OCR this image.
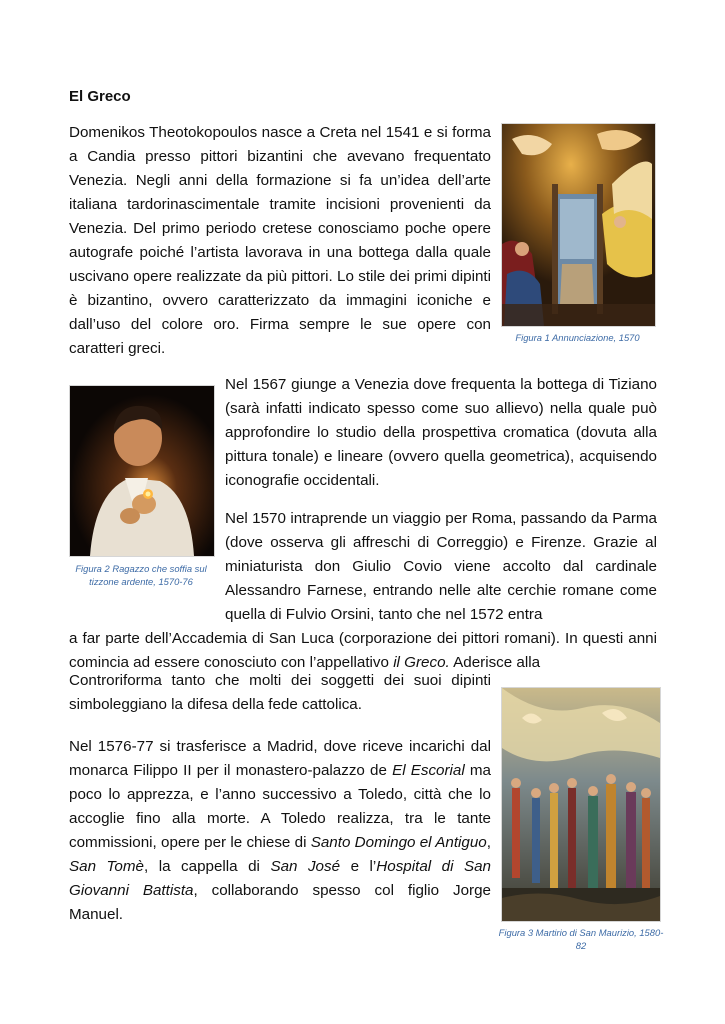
El Greco

Domenikos Theotokopoulos nasce a Creta nel 1541 e si forma a Candia presso pittori bizantini che avevano frequentato Venezia. Negli anni della formazione si fa un’idea dell’arte italiana tardorinascimentale tramite incisioni provenienti da Venezia. Del primo periodo cretese conosciamo poche opere autografe poiché l’artista lavorava in una bottega dalla quale uscivano opere realizzate da più pittori. Lo stile dei primi dipinti è bizantino, ovvero caratterizzato da immagini iconiche e dall’uso del colore oro. Firma sempre le sue opere con caratteri greci.

Figura 1 Annunciazione, 1570
Figura 2 Ragazzo che soffia sul tizzone ardente, 1570-76

Nel 1567 giunge a Venezia dove frequenta la bottega di Tiziano (sarà infatti indicato spesso come suo allievo) nella quale può approfondire lo studio della prospettiva cromatica (dovuta alla pittura tonale) e lineare (ovvero quella geometrica), acquisendo iconografie occidentali.

Nel 1570 intraprende un viaggio per Roma, passando da Parma (dove osserva gli affreschi di Correggio) e Firenze. Grazie al miniaturista don Giulio Covio viene accolto dal cardinale Alessandro Farnese, entrando nelle alte cerchie romane come quella di Fulvio Orsini, tanto che nel 1572 entra

a far parte dell’Accademia di San Luca (corporazione dei pittori romani). In questi anni comincia ad essere conosciuto con l’appellativo il Greco. Aderisce alla

Controriforma tanto che molti dei soggetti dei suoi dipinti simboleggiano la difesa della fede cattolica.

Figura 3 Martirio di San Maurizio, 1580-82

Nel 1576-77 si trasferisce a Madrid, dove riceve incarichi dal monarca Filippo II per il monastero-palazzo de El Escorial ma poco lo apprezza, e l’anno successivo a Toledo, città che lo accoglie fino alla morte. A Toledo realizza, tra le tante commissioni, opere per le chiese di Santo Domingo el Antiguo, San Tomè, la cappella di San José e l’Hospital di San Giovanni Battista, collaborando spesso col figlio Jorge Manuel.
